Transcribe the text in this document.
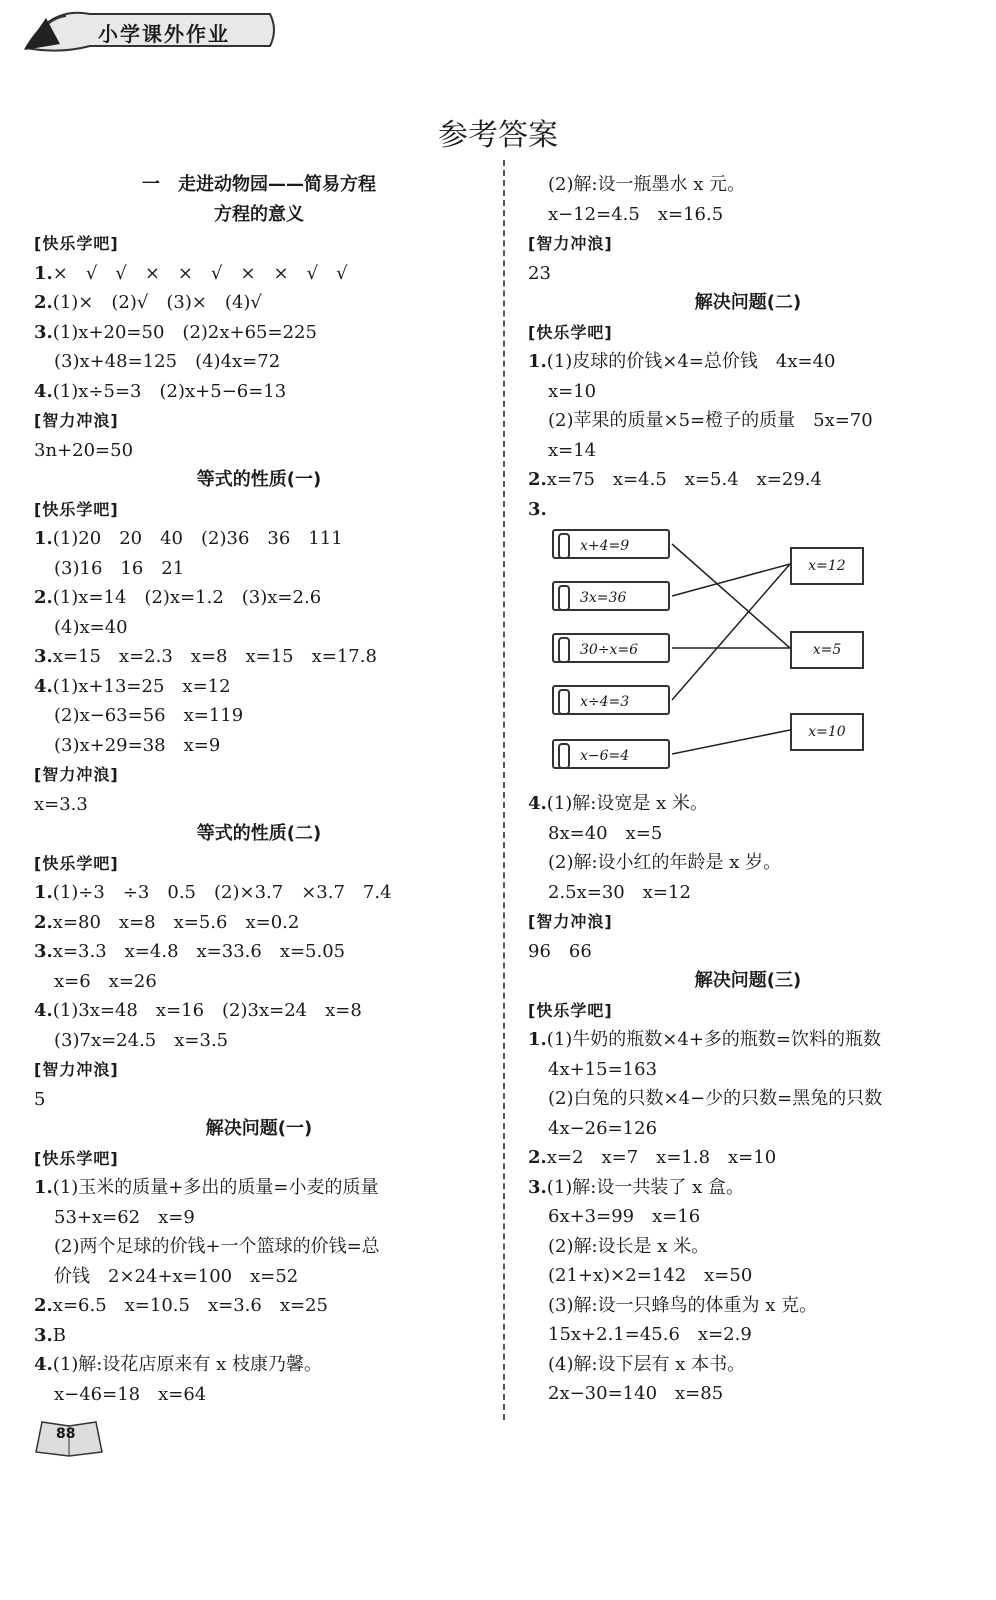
小学课外作业
参考答案
一　走进动物园——简易方程
方程的意义
[快乐学吧]
1.×　√　√　×　×　√　×　×　√　√
2.(1)×　(2)√　(3)×　(4)√
3.(1)x+20=50　(2)2x+65=225
(3)x+48=125　(4)4x=72
4.(1)x÷5=3　(2)x+5−6=13
[智力冲浪]
3n+20=50
等式的性质(一)
[快乐学吧]
1.(1)20　20　40　(2)36　36　111
(3)16　16　21
2.(1)x=14　(2)x=1.2　(3)x=2.6
(4)x=40
3.x=15　x=2.3　x=8　x=15　x=17.8
4.(1)x+13=25　x=12
(2)x−63=56　x=119
(3)x+29=38　x=9
[智力冲浪]
x=3.3
等式的性质(二)
[快乐学吧]
1.(1)÷3　÷3　0.5　(2)×3.7　×3.7　7.4
2.x=80　x=8　x=5.6　x=0.2
3.x=3.3　x=4.8　x=33.6　x=5.05
x=6　x=26
4.(1)3x=48　x=16　(2)3x=24　x=8
(3)7x=24.5　x=3.5
[智力冲浪]
5
解决问题(一)
[快乐学吧]
1.(1)玉米的质量+多出的质量=小麦的质量
53+x=62　x=9
(2)两个足球的价钱+一个篮球的价钱=总
价钱　2×24+x=100　x=52
2.x=6.5　x=10.5　x=3.6　x=25
3.B
4.(1)解:设花店原来有 x 枝康乃馨。
x−46=18　x=64
(2)解:设一瓶墨水 x 元。
x−12=4.5　x=16.5
[智力冲浪]
23
解决问题(二)
[快乐学吧]
1.(1)皮球的价钱×4=总价钱　4x=40
x=10
(2)苹果的质量×5=橙子的质量　5x=70
x=14
2.x=75　x=4.5　x=5.4　x=29.4
3.
x+4=9
3x=36
30÷x=6
x÷4=3
x−6=4
x=12
x=5
x=10
4.(1)解:设宽是 x 米。
8x=40　x=5
(2)解:设小红的年龄是 x 岁。
2.5x=30　x=12
[智力冲浪]
96　66
解决问题(三)
[快乐学吧]
1.(1)牛奶的瓶数×4+多的瓶数=饮料的瓶数
4x+15=163
(2)白兔的只数×4−少的只数=黑兔的只数
4x−26=126
2.x=2　x=7　x=1.8　x=10
3.(1)解:设一共装了 x 盒。
6x+3=99　x=16
(2)解:设长是 x 米。
(21+x)×2=142　x=50
(3)解:设一只蜂鸟的体重为 x 克。
15x+2.1=45.6　x=2.9
(4)解:设下层有 x 本书。
2x−30=140　x=85
88
